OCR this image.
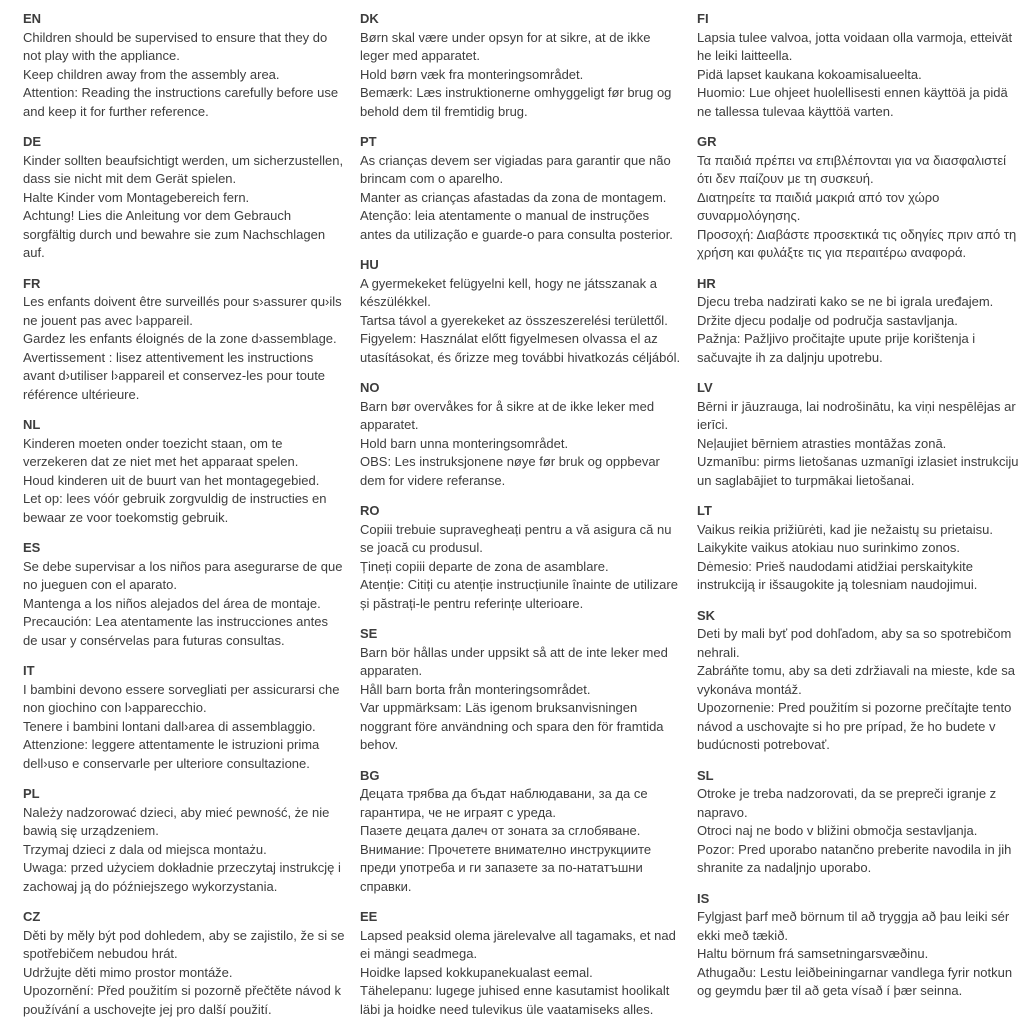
EN

Children should be supervised to ensure that they do not play with the appliance.

Keep children away from the assembly area.

Attention: Reading the instructions carefully before use and keep it for further reference.

DE

Kinder sollten beaufsichtigt werden, um sicherzustellen, dass sie nicht mit dem Gerät spielen.

Halte Kinder vom Montagebereich fern.

Achtung! Lies die Anleitung vor dem Gebrauch sorgfältig durch und bewahre sie zum Nachschlagen auf.

FR

Les enfants doivent être surveillés pour s›assurer qu›ils ne jouent pas avec l›appareil.

Gardez les enfants éloignés de la zone d›assemblage.

Avertissement : lisez attentivement les instructions avant d›utiliser l›appareil et conservez-les pour toute référence ultérieure.

NL

Kinderen moeten onder toezicht staan, om te verzekeren dat ze niet met het apparaat spelen.

Houd kinderen uit de buurt van het montagegebied.

Let op: lees vóór gebruik zorgvuldig de instructies en bewaar ze voor toekomstig gebruik.

ES

Se debe supervisar a los niños para asegurarse de que no jueguen con el aparato.

Mantenga a los niños alejados del área de montaje.

Precaución: Lea atentamente las instrucciones antes de usar y consérvelas para futuras consultas.

IT

I bambini devono essere sorvegliati per assicurarsi che non giochino con l›apparecchio.

Tenere i bambini lontani dall›area di assemblaggio.

Attenzione: leggere attentamente le istruzioni prima dell›uso e conservarle per ulteriore consultazione.

PL

Należy nadzorować dzieci, aby mieć pewność, że nie bawią się urządzeniem.

Trzymaj dzieci z dala od miejsca montażu.

Uwaga: przed użyciem dokładnie przeczytaj instrukcję i zachowaj ją do późniejszego wykorzystania.

CZ

Děti by měly být pod dohledem, aby se zajistilo, že si se spotřebičem nebudou hrát.

Udržujte děti mimo prostor montáže.

Upozornění: Před použitím si pozorně přečtěte návod k používání a uschovejte jej pro další použití.

DK

Børn skal være under opsyn for at sikre, at de ikke leger med apparatet.

Hold børn væk fra monteringsområdet.

Bemærk: Læs instruktionerne omhyggeligt før brug og behold dem til fremtidig brug.

PT

As crianças devem ser vigiadas para garantir que não brincam com o aparelho.

Manter as crianças afastadas da zona de montagem.

Atenção: leia atentamente o manual de instruções antes da utilização e guarde-o para consulta posterior.

HU

A gyermekeket felügyelni kell, hogy ne játsszanak a készülékkel.

Tartsa távol a gyerekeket az összeszerelési területtől.

Figyelem: Használat előtt figyelmesen olvassa el az utasításokat, és őrizze meg további hivatkozás céljából.

NO

Barn bør overvåkes for å sikre at de ikke leker med apparatet.

Hold barn unna monteringsområdet.

OBS: Les instruksjonene nøye før bruk og oppbevar dem for videre referanse.

RO

Copiii trebuie supravegheați pentru a vă asigura că nu se joacă cu produsul.

Țineți copiii departe de zona de asamblare.

Atenție: Citiți cu atenție instrucțiunile înainte de utilizare și păstrați-le pentru referințe ulterioare.

SE

Barn bör hållas under uppsikt så att de inte leker med apparaten.

Håll barn borta från monteringsområdet.

Var uppmärksam: Läs igenom bruksanvisningen noggrant före användning och spara den för framtida behov.

BG

Децата трябва да бъдат наблюдавани, за да се гарантира, че не играят с уреда.

Пазете децата далеч от зоната за сглобяване.

Внимание: Прочетете внимателно инструкциите преди употреба и ги запазете за по-нататъшни справки.

EE

Lapsed peaksid olema järelevalve all tagamaks, et nad ei mängi seadmega.

Hoidke lapsed kokkupanekualast eemal.

Tähelepanu: lugege juhised enne kasutamist hoolikalt läbi ja hoidke need tulevikus üle vaatamiseks alles.

FI

Lapsia tulee valvoa, jotta voidaan olla varmoja, etteivät he leiki laitteella.

Pidä lapset kaukana kokoamisalueelta.

Huomio: Lue ohjeet huolellisesti ennen käyttöä ja pidä ne tallessa tulevaa käyttöä varten.

GR

Τα παιδιά πρέπει να επιβλέπονται για να διασφαλιστεί ότι δεν παίζουν με τη συσκευή.

Διατηρείτε τα παιδιά μακριά από τον χώρο συναρμολόγησης.

Προσοχή: Διαβάστε προσεκτικά τις οδηγίες πριν από τη χρήση και φυλάξτε τις για περαιτέρω αναφορά.

HR

Djecu treba nadzirati kako se ne bi igrala uređajem.

Držite djecu podalje od područja sastavljanja.

Pažnja: Pažljivo pročitajte upute prije korištenja i sačuvajte ih za daljnju upotrebu.

LV

Bērni ir jāuzrauga, lai nodrošinātu, ka viņi nespēlējas ar ierīci.

Neļaujiet bērniem atrasties montāžas zonā.

Uzmanību: pirms lietošanas uzmanīgi izlasiet instrukciju un saglabājiet to turpmākai lietošanai.

LT

Vaikus reikia prižiūrėti, kad jie nežaistų su prietaisu.

Laikykite vaikus atokiau nuo surinkimo zonos.

Dėmesio: Prieš naudodami atidžiai perskaitykite instrukciją ir išsaugokite ją tolesniam naudojimui.

SK

Deti by mali byť pod dohľadom, aby sa so spotrebičom nehrali.

Zabráňte tomu, aby sa deti zdržiavali na mieste, kde sa vykonáva montáž.

Upozornenie: Pred použitím si pozorne prečítajte tento návod a uschovajte si ho pre prípad, že ho budete v budúcnosti potrebovať.

SL

Otroke je treba nadzorovati, da se prepreči igranje z napravo.

Otroci naj ne bodo v bližini območja sestavljanja.

Pozor: Pred uporabo natančno preberite navodila in jih shranite za nadaljnjo uporabo.

IS

Fylgjast þarf með börnum til að tryggja að þau leiki sér ekki með tækið.

Haltu börnum frá samsetningarsvæðinu.

Athugaðu: Lestu leiðbeiningarnar vandlega fyrir notkun og geymdu þær til að geta vísað í þær seinna.
